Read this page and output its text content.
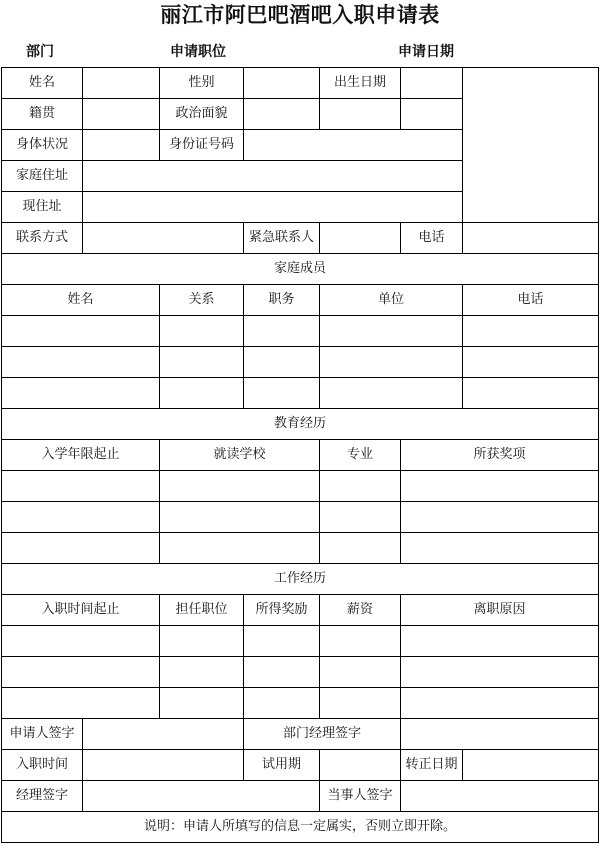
丽江市阿巴吧酒吧入职申请表
部门	申请职位	申请日期
姓名		性别		出生日期		
籍贯		政治面貌				
身体状况		身份证号码				
家庭住址						
现住址						
联系方式			紧急联系人		电话	
家庭成员						
姓名		关系	职务	单位		电话

教育经历						
入学年限起止		就读学校		专业	所获奖项	

工作经历						
入职时间起止		担任职位	所得奖励	薪资	离职原因	

申请人签字			部门经理签字			
入职时间			试用期		转正日期	
经理签字				当事人签字		
说明：申请人所填写的信息一定属实，否则立即开除。						
